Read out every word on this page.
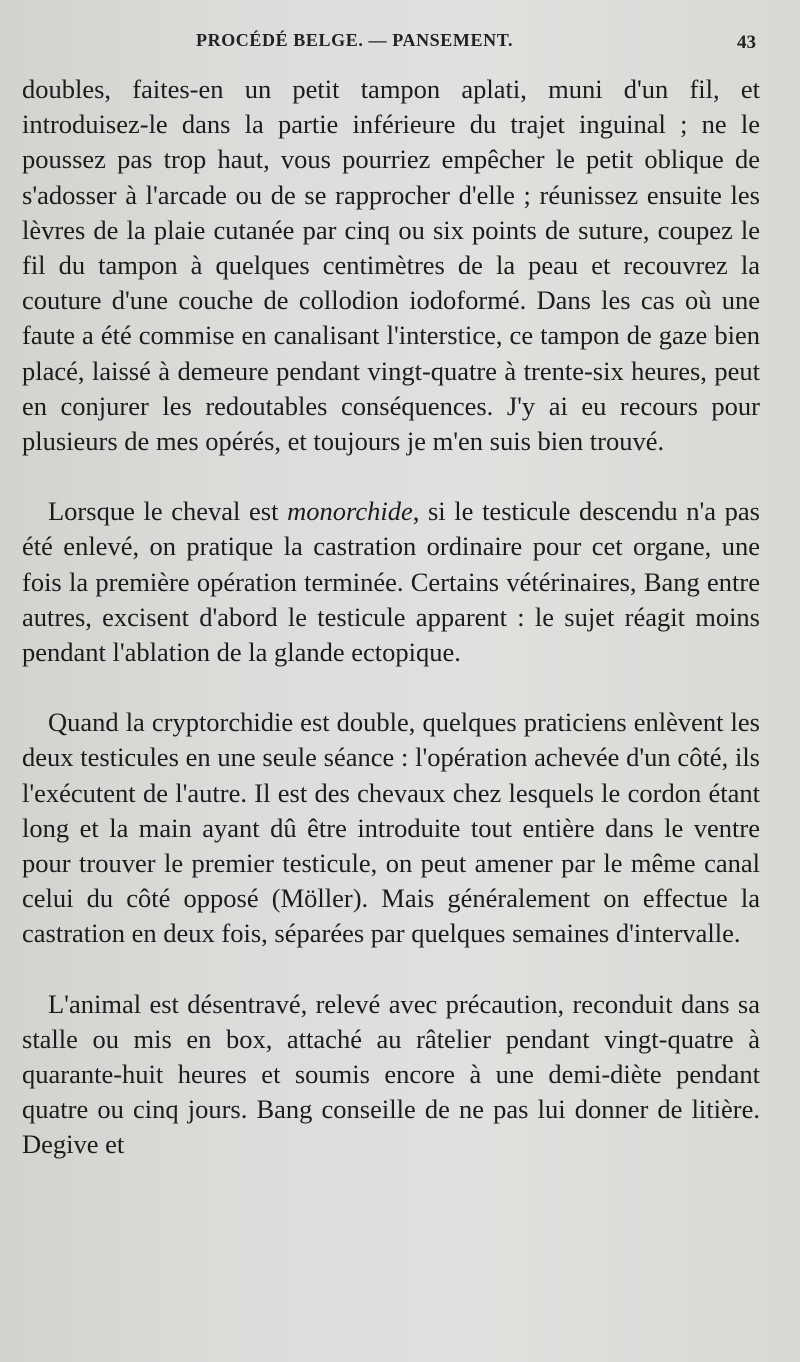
PROCÉDÉ BELGE. — PANSEMENT.	43

doubles, faites-en un petit tampon aplati, muni d'un fil, et introduisez-le dans la partie inférieure du trajet inguinal ; ne le poussez pas trop haut, vous pourriez empêcher le petit oblique de s'adosser à l'arcade ou de se rapprocher d'elle ; réunissez ensuite les lèvres de la plaie cutanée par cinq ou six points de suture, coupez le fil du tampon à quelques centimètres de la peau et recouvrez la couture d'une couche de collodion iodoformé. Dans les cas où une faute a été commise en canalisant l'interstice, ce tampon de gaze bien placé, laissé à demeure pendant vingt-quatre à trente-six heures, peut en conjurer les redoutables conséquences. J'y ai eu recours pour plusieurs de mes opérés, et toujours je m'en suis bien trouvé.

Lorsque le cheval est monorchide, si le testicule descendu n'a pas été enlevé, on pratique la castration ordinaire pour cet organe, une fois la première opération terminée. Certains vétérinaires, Bang entre autres, excisent d'abord le testicule apparent : le sujet réagit moins pendant l'ablation de la glande ectopique.

Quand la cryptorchidie est double, quelques praticiens enlèvent les deux testicules en une seule séance : l'opération achevée d'un côté, ils l'exécutent de l'autre. Il est des chevaux chez lesquels le cordon étant long et la main ayant dû être introduite tout entière dans le ventre pour trouver le premier testicule, on peut amener par le même canal celui du côté opposé (Möller). Mais généralement on effectue la castration en deux fois, séparées par quelques semaines d'intervalle.

L'animal est désentravé, relevé avec précaution, reconduit dans sa stalle ou mis en box, attaché au râtelier pendant vingt-quatre à quarante-huit heures et soumis encore à une demi-diète pendant quatre ou cinq jours. Bang conseille de ne pas lui donner de litière. Degive et
